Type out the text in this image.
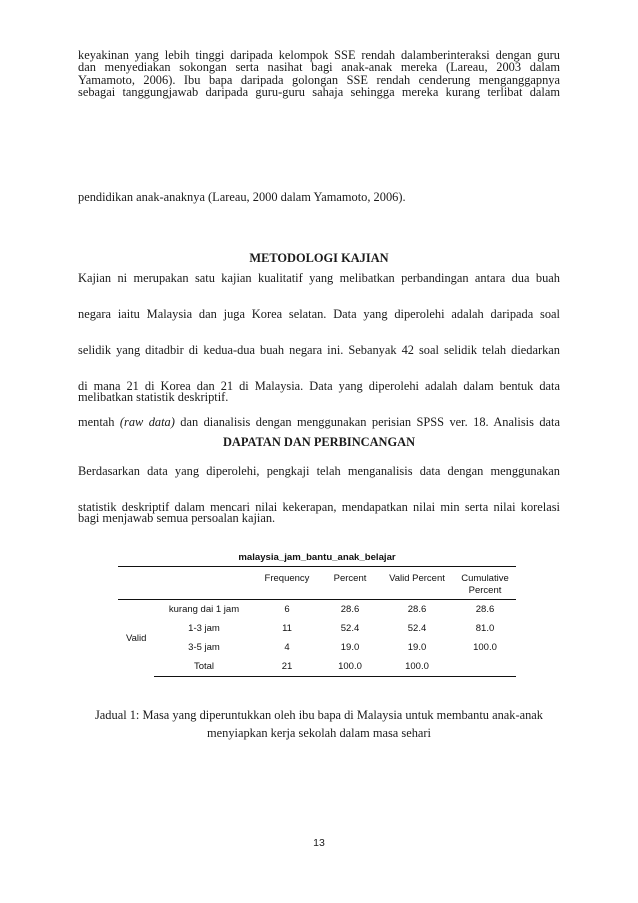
keyakinan yang lebih tinggi daripada kelompok SSE rendah dalamberinteraksi dengan guru
dan menyediakan sokongan serta nasihat bagi anak-anak mereka (Lareau, 2003 dalam
Yamamoto, 2006). Ibu bapa daripada golongan SSE rendah cenderung menganggapnya
sebagai tanggungjawab daripada guru-guru sahaja sehingga mereka kurang terlibat dalam

pendidikan anak-anaknya (Lareau, 2000 dalam Yamamoto, 2006).

METODOLOGI KAJIAN

Kajian ni merupakan satu kajian kualitatif yang melibatkan perbandingan antara dua buah

negara iaitu Malaysia dan juga Korea selatan. Data yang diperolehi adalah daripada soal

selidik yang ditadbir di kedua-dua buah negara ini. Sebanyak 42 soal selidik telah diedarkan

di mana 21 di Korea dan 21 di Malaysia. Data yang diperolehi adalah dalam bentuk data

mentah (raw data) dan dianalisis dengan menggunakan perisian SPSS ver. 18. Analisis data

melibatkan statistik deskriptif.

DAPATAN DAN PERBINCANGAN

Berdasarkan data yang diperolehi, pengkaji telah menganalisis data dengan menggunakan

statistik deskriptif dalam mencari nilai kekerapan, mendapatkan nilai min serta nilai korelasi

bagi menjawab semua persoalan kajian.

malaysia_jam_bantu_anak_belajar
		Frequency	Percent	Valid Percent	Cumulative
					Percent
Valid	kurang dai 1 jam	6	28.6	28.6	28.6
	1-3 jam	11	52.4	52.4	81.0
	3-5 jam	4	19.0	19.0	100.0
	Total	21	100.0	100.0	

Jadual 1: Masa yang diperuntukkan oleh ibu bapa di Malaysia untuk membantu anak-anak
menyiapkan kerja sekolah dalam masa sehari

13
